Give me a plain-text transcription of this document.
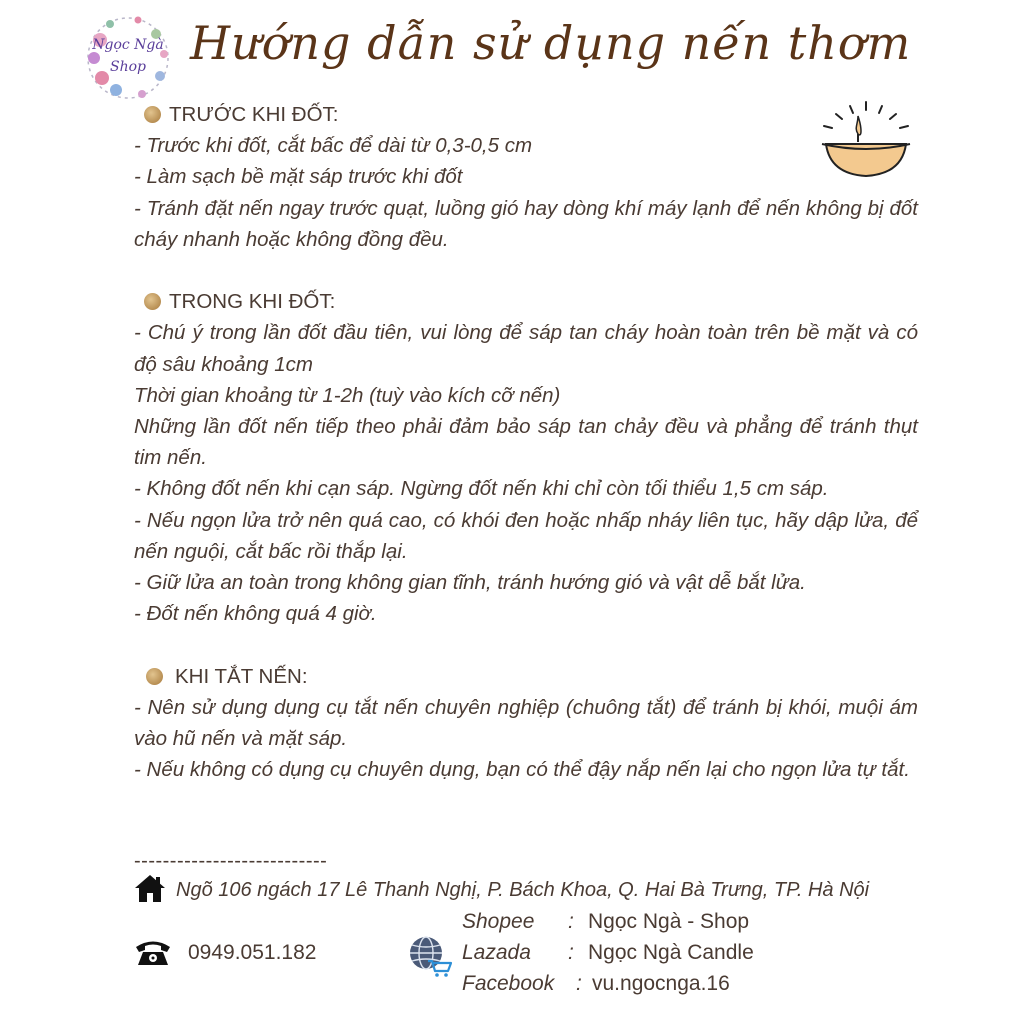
Ngọc Ngà
Shop Hướng dẫn sử dụng nến thơm

TRƯỚC KHI ĐỐT:

- Trước khi đốt, cắt bấc để dài từ 0,3-0,5 cm

- Làm sạch bề mặt sáp trước khi đốt

- Tránh đặt nến ngay trước quạt, luồng gió hay dòng khí máy lạnh để nến không bị đốt cháy nhanh hoặc không đồng đều.

TRONG KHI ĐỐT:

- Chú ý trong lần đốt đầu tiên, vui lòng để sáp tan cháy hoàn toàn trên bề mặt và có độ sâu khoảng 1cm

Thời gian khoảng từ 1-2h (tuỳ vào kích cỡ nến)

Những lần đốt nến tiếp theo phải đảm bảo sáp tan chảy đều và phẳng để tránh thụt tim nến.

- Không đốt nến khi cạn sáp. Ngừng đốt nến khi chỉ còn tối thiểu 1,5 cm sáp.

- Nếu ngọn lửa trở nên quá cao, có khói đen hoặc nhấp nháy liên tục, hãy dập lửa, để nến nguội, cắt bấc rồi thắp lại.

- Giữ lửa an toàn trong không gian tĩnh, tránh hướng gió và vật dễ bắt lửa.

- Đốt nến không quá 4 giờ.

KHI TẮT NẾN:

- Nên sử dụng dụng cụ tắt nến chuyên nghiệp (chuông tắt) để tránh bị khói, muội ám vào hũ nến và mặt sáp.

- Nếu không có dụng cụ chuyên dụng, bạn có thể đậy nắp nến lại cho ngọn lửa tự tắt.

---------------------------
Ngõ 106 ngách 17 Lê Thanh Nghị, P. Bách Khoa, Q. Hai Bà Trưng, TP. Hà Nội
0949.051.182
Shopee	: Ngọc Ngà - Shop
Lazada	: Ngọc Ngà Candle
Facebook	: vu.ngocnga.16
